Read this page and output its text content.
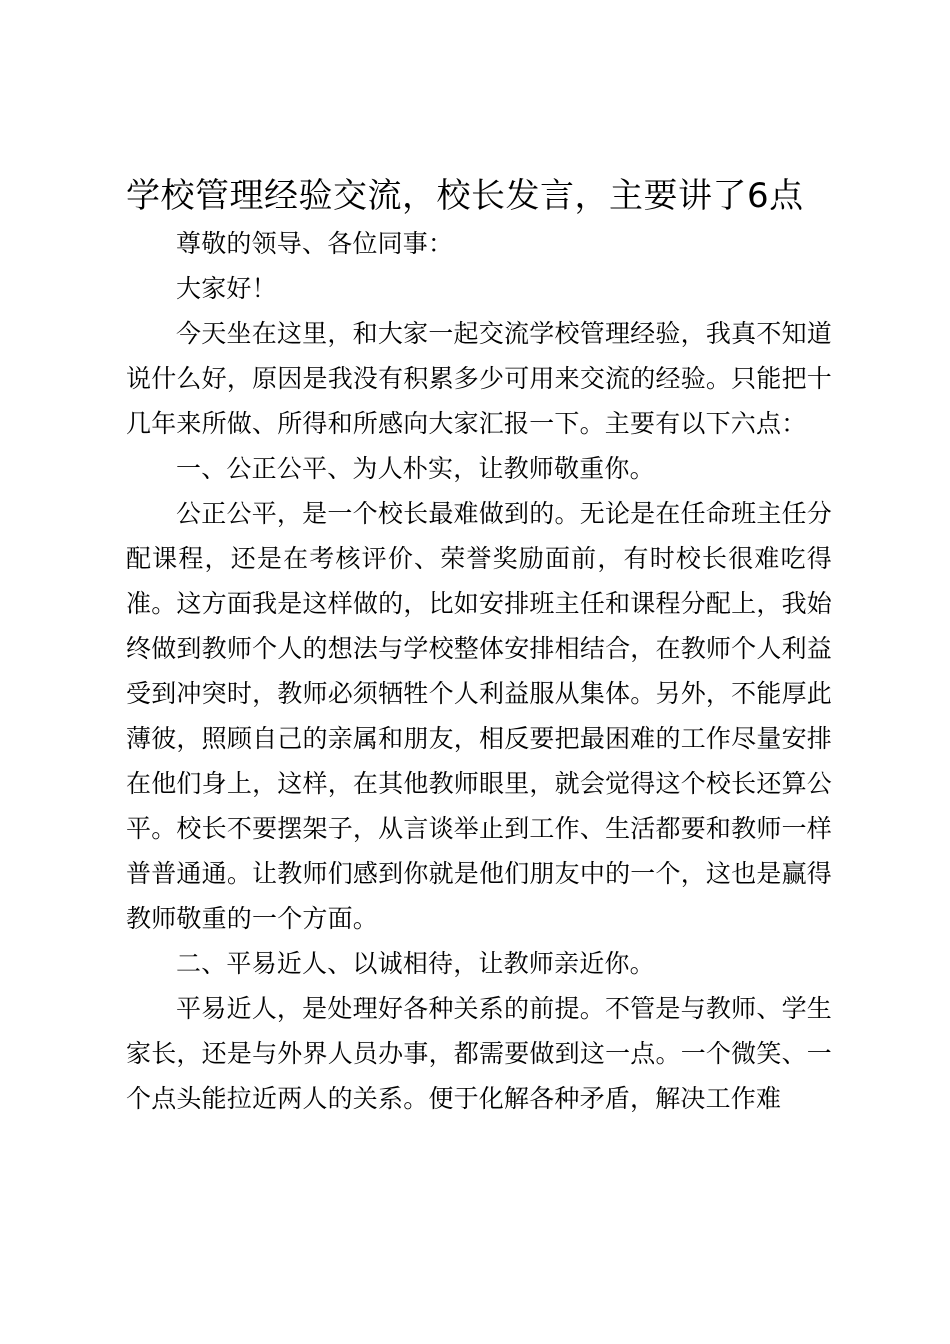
学校管理经验交流，校长发言，主要讲了6点

尊敬的领导、各位同事：

大家好！

今天坐在这里，和大家一起交流学校管理经验，我真不知道说什么好，原因是我没有积累多少可用来交流的经验。只能把十几年来所做、所得和所感向大家汇报一下。主要有以下六点：

一、公正公平、为人朴实，让教师敬重你。

公正公平，是一个校长最难做到的。无论是在任命班主任分配课程，还是在考核评价、荣誉奖励面前，有时校长很难吃得准。这方面我是这样做的，比如安排班主任和课程分配上，我始终做到教师个人的想法与学校整体安排相结合，在教师个人利益受到冲突时，教师必须牺牲个人利益服从集体。另外，不能厚此薄彼，照顾自己的亲属和朋友，相反要把最困难的工作尽量安排在他们身上，这样，在其他教师眼里，就会觉得这个校长还算公平。校长不要摆架子，从言谈举止到工作、生活都要和教师一样普普通通。让教师们感到你就是他们朋友中的一个，这也是赢得教师敬重的一个方面。

二、平易近人、以诚相待，让教师亲近你。

平易近人，是处理好各种关系的前提。不管是与教师、学生家长，还是与外界人员办事，都需要做到这一点。一个微笑、一个点头能拉近两人的关系。便于化解各种矛盾，解决工作难
